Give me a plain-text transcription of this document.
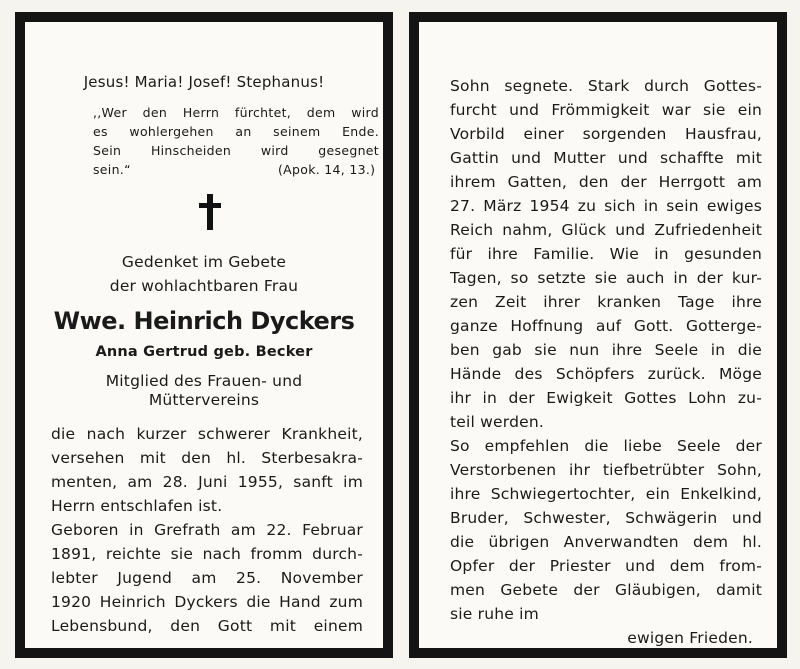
Jesus! Maria! Josef! Stephanus!
,,Wer den Herrn fürchtet, dem wird
es wohlergehen an seinem Ende.
Sein Hinscheiden wird gesegnet
sein.“	(Apok. 14, 13.)
Gedenket im Gebete
der wohlachtbaren Frau
Wwe. Heinrich Dyckers
Anna Gertrud geb. Becker
Mitglied des Frauen- und
Müttervereins
die nach kurzer schwerer Krankheit,
versehen mit den hl. Sterbesakra-
menten, am 28. Juni 1955, sanft im
Herrn entschlafen ist.
Geboren in Grefrath am 22. Februar
1891, reichte sie nach fromm durch-
lebter Jugend am 25. November
1920 Heinrich Dyckers die Hand zum
Lebensbund, den Gott mit einem
Sohn segnete. Stark durch Gottes-
furcht und Frömmigkeit war sie ein
Vorbild einer sorgenden Hausfrau,
Gattin und Mutter und schaffte mit
ihrem Gatten, den der Herrgott am
27. März 1954 zu sich in sein ewiges
Reich nahm, Glück und Zufriedenheit
für ihre Familie. Wie in gesunden
Tagen, so setzte sie auch in der kur-
zen Zeit ihrer kranken Tage ihre
ganze Hoffnung auf Gott. Gotterge-
ben gab sie nun ihre Seele in die
Hände des Schöpfers zurück. Möge
ihr in der Ewigkeit Gottes Lohn zu-
teil werden.
So empfehlen die liebe Seele der
Verstorbenen ihr tiefbetrübter Sohn,
ihre Schwiegertochter, ein Enkelkind,
Bruder, Schwester, Schwägerin und
die übrigen Anverwandten dem hl.
Opfer der Priester und dem from-
men Gebete der Gläubigen, damit
sie ruhe im
ewigen Frieden.
